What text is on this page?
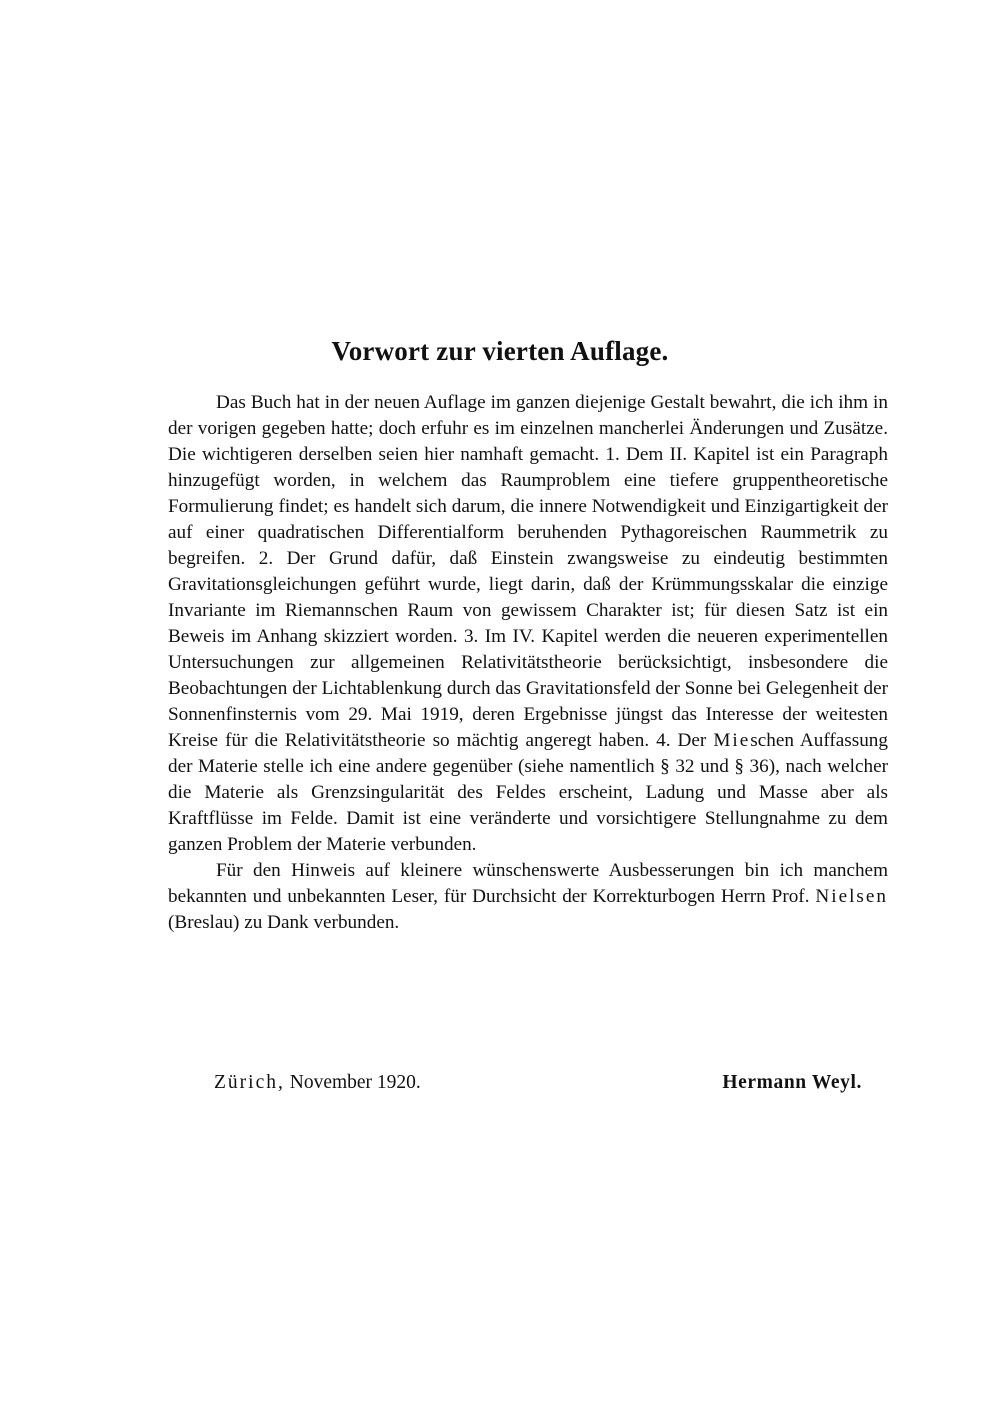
Vorwort zur vierten Auflage.

Das Buch hat in der neuen Auflage im ganzen diejenige Gestalt bewahrt, die ich ihm in der vorigen gegeben hatte; doch erfuhr es im einzelnen mancherlei Änderungen und Zusätze. Die wichtigeren derselben seien hier namhaft gemacht. 1. Dem II. Kapitel ist ein Paragraph hinzugefügt worden, in welchem das Raumproblem eine tiefere gruppentheoretische Formulierung findet; es handelt sich darum, die innere Notwendigkeit und Einzigartigkeit der auf einer quadratischen Differentialform beruhenden Pythagoreischen Raummetrik zu begreifen. 2. Der Grund dafür, daß Einstein zwangsweise zu eindeutig bestimmten Gravitationsgleichungen geführt wurde, liegt darin, daß der Krümmungsskalar die einzige Invariante im Riemannschen Raum von gewissem Charakter ist; für diesen Satz ist ein Beweis im Anhang skizziert worden. 3. Im IV. Kapitel werden die neueren experimentellen Untersuchungen zur allgemeinen Relativitätstheorie berücksichtigt, insbesondere die Beobachtungen der Lichtablenkung durch das Gravitationsfeld der Sonne bei Gelegenheit der Sonnenfinsternis vom 29. Mai 1919, deren Ergebnisse jüngst das Interesse der weitesten Kreise für die Relativitätstheorie so mächtig angeregt haben. 4. Der Mieschen Auffassung der Materie stelle ich eine andere gegenüber (siehe namentlich § 32 und § 36), nach welcher die Materie als Grenzsingularität des Feldes erscheint, Ladung und Masse aber als Kraftflüsse im Felde. Damit ist eine veränderte und vorsichtigere Stellungnahme zu dem ganzen Problem der Materie verbunden.

Für den Hinweis auf kleinere wünschenswerte Ausbesserungen bin ich manchem bekannten und unbekannten Leser, für Durchsicht der Korrekturbogen Herrn Prof. Nielsen (Breslau) zu Dank verbunden.

Zürich, November 1920.	Hermann Weyl.
